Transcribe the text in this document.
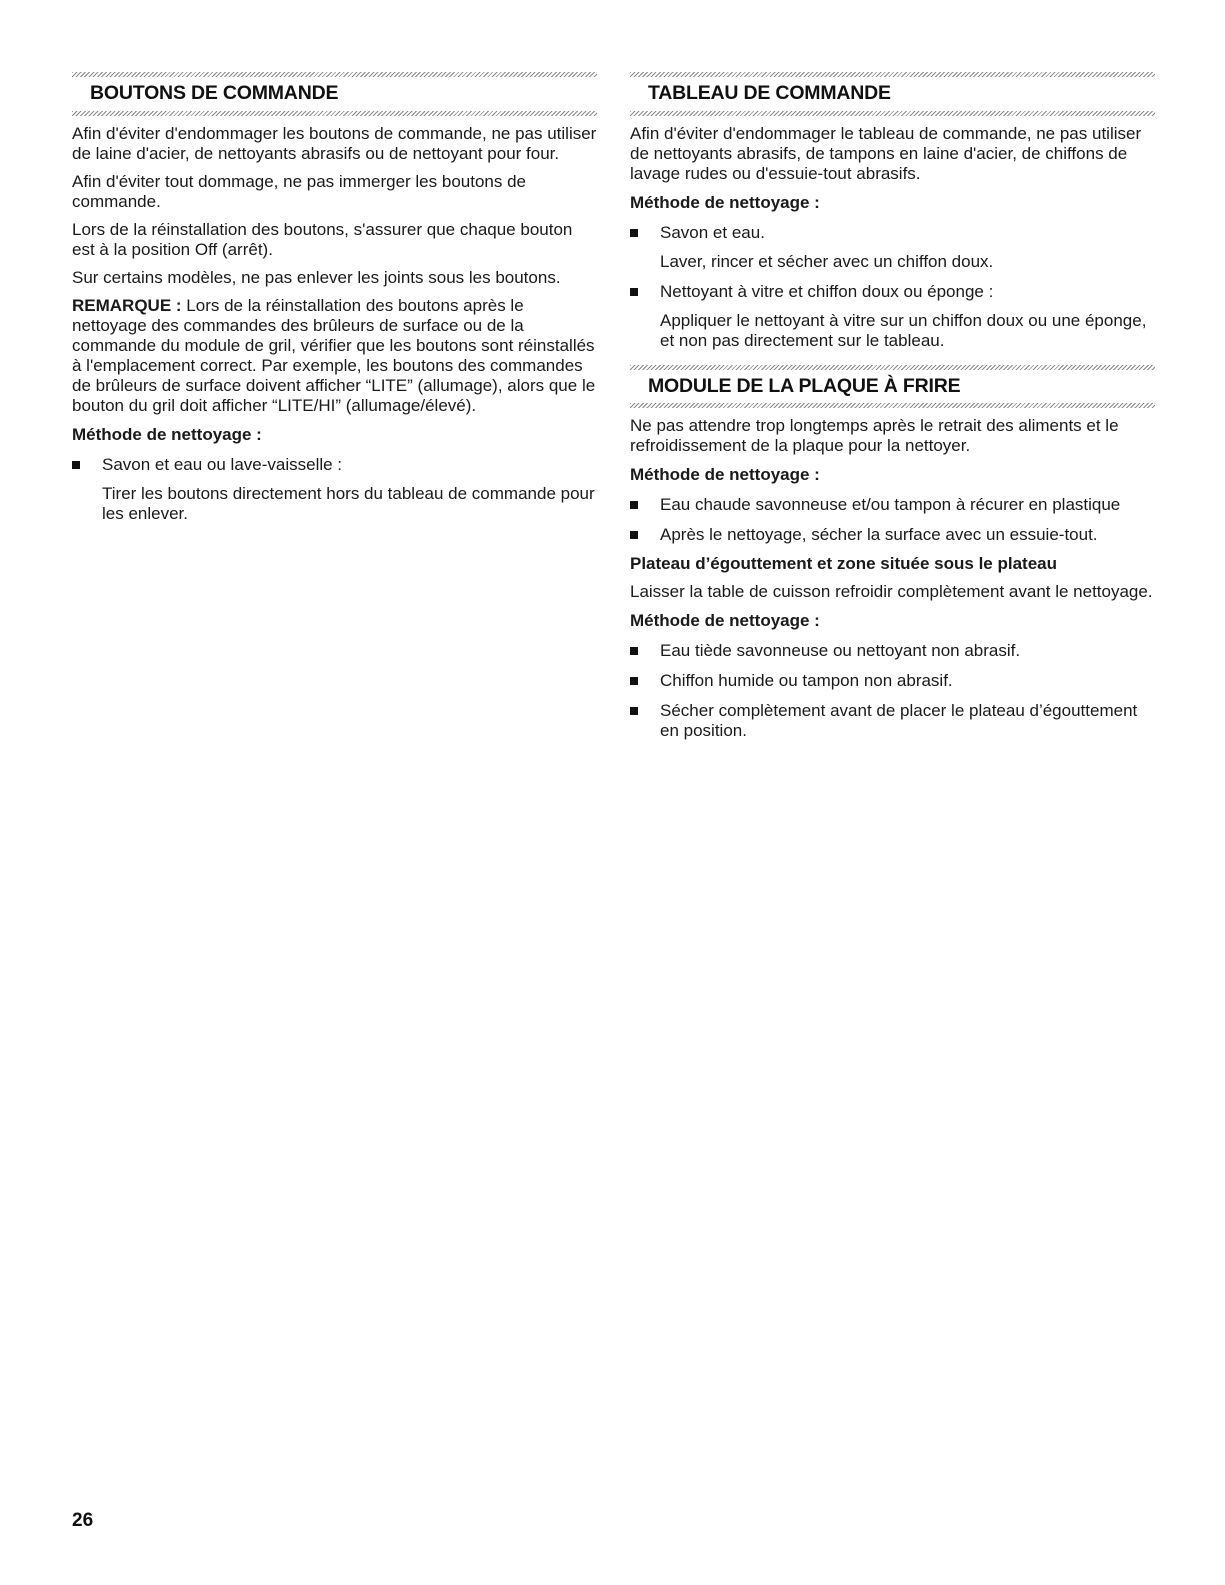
BOUTONS DE COMMANDE

Afin d'éviter d'endommager les boutons de commande, ne pas utiliser de laine d'acier, de nettoyants abrasifs ou de nettoyant pour four.

Afin d'éviter tout dommage, ne pas immerger les boutons de commande.

Lors de la réinstallation des boutons, s'assurer que chaque bouton est à la position Off (arrêt).

Sur certains modèles, ne pas enlever les joints sous les boutons.

REMARQUE : Lors de la réinstallation des boutons après le nettoyage des commandes des brûleurs de surface ou de la commande du module de gril, vérifier que les boutons sont réinstallés à l'emplacement correct. Par exemple, les boutons des commandes de brûleurs de surface doivent afficher “LITE” (allumage), alors que le bouton du gril doit afficher “LITE/HI” (allumage/élevé).

Méthode de nettoyage :

Savon et eau ou lave-vaisselle :

Tirer les boutons directement hors du tableau de commande pour les enlever.

TABLEAU DE COMMANDE

Afin d'éviter d'endommager le tableau de commande, ne pas utiliser de nettoyants abrasifs, de tampons en laine d'acier, de chiffons de lavage rudes ou d'essuie-tout abrasifs.

Méthode de nettoyage :

Savon et eau.

Laver, rincer et sécher avec un chiffon doux.

Nettoyant à vitre et chiffon doux ou éponge :

Appliquer le nettoyant à vitre sur un chiffon doux ou une éponge, et non pas directement sur le tableau.

MODULE DE LA PLAQUE À FRIRE

Ne pas attendre trop longtemps après le retrait des aliments et le refroidissement de la plaque pour la nettoyer.

Méthode de nettoyage :

Eau chaude savonneuse et/ou tampon à récurer en plastique
Après le nettoyage, sécher la surface avec un essuie-tout.

Plateau d’égouttement et zone située sous le plateau

Laisser la table de cuisson refroidir complètement avant le nettoyage.

Méthode de nettoyage :

Eau tiède savonneuse ou nettoyant non abrasif.
Chiffon humide ou tampon non abrasif.
Sécher complètement avant de placer le plateau d’égouttement en position.
26
